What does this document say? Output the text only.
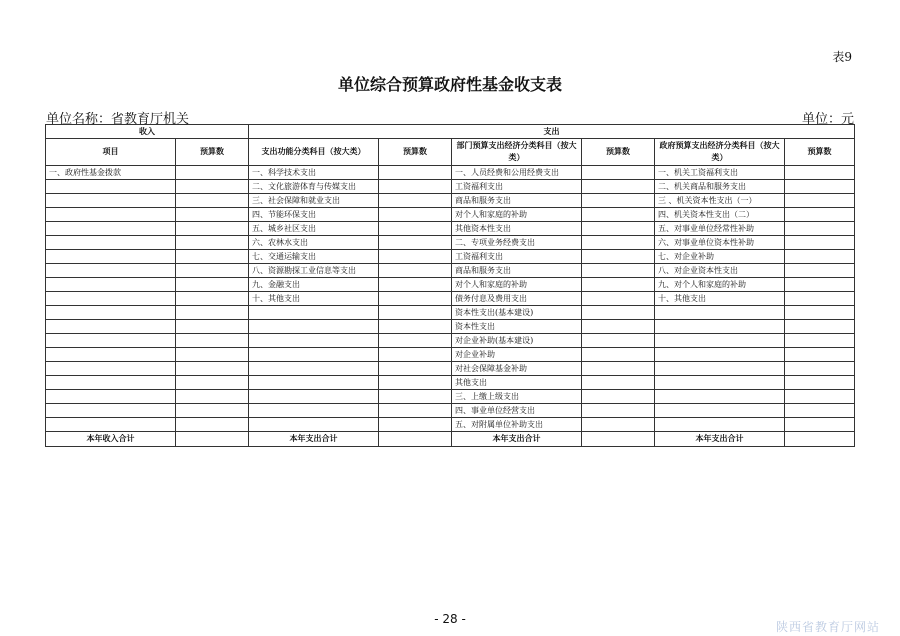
表9
单位综合预算政府性基金收支表
单位名称：省教育厅机关	单位：元
收入		支出					
项目	预算数	支出功能分类科目（按大类）	预算数	部门预算支出经济分类科目（按大类）	预算数	政府预算支出经济分类科目（按大类）	预算数
一、政府性基金拨款		一、科学技术支出		一、人员经费和公用经费支出		一、机关工资福利支出	
		二、文化旅游体育与传媒支出		工资福利支出		二、机关商品和服务支出	
		三、社会保障和就业支出		商品和服务支出		三 、机关资本性支出（一）	
		四、节能环保支出		对个人和家庭的补助		四、机关资本性支出（二）	
		五、城乡社区支出		其他资本性支出		五、对事业单位经常性补助	
		六、农林水支出		二、专项业务经费支出		六、对事业单位资本性补助	
		七、交通运输支出		工资福利支出		七、对企业补助	
		八、资源勘探工业信息等支出		商品和服务支出		八、对企业资本性支出	
		九、金融支出		对个人和家庭的补助		九、对个人和家庭的补助	
		十、其他支出		债务付息及费用支出		十、其他支出	
				资本性支出(基本建设)			
				资本性支出			
				对企业补助(基本建设)			
				对企业补助			
				对社会保障基金补助			
				其他支出			
				三、上缴上级支出			
				四、事业单位经营支出			
				五、对附属单位补助支出			
本年收入合计		本年支出合计		本年支出合计		本年支出合计	
- 28 -
陕西省教育厅网站
